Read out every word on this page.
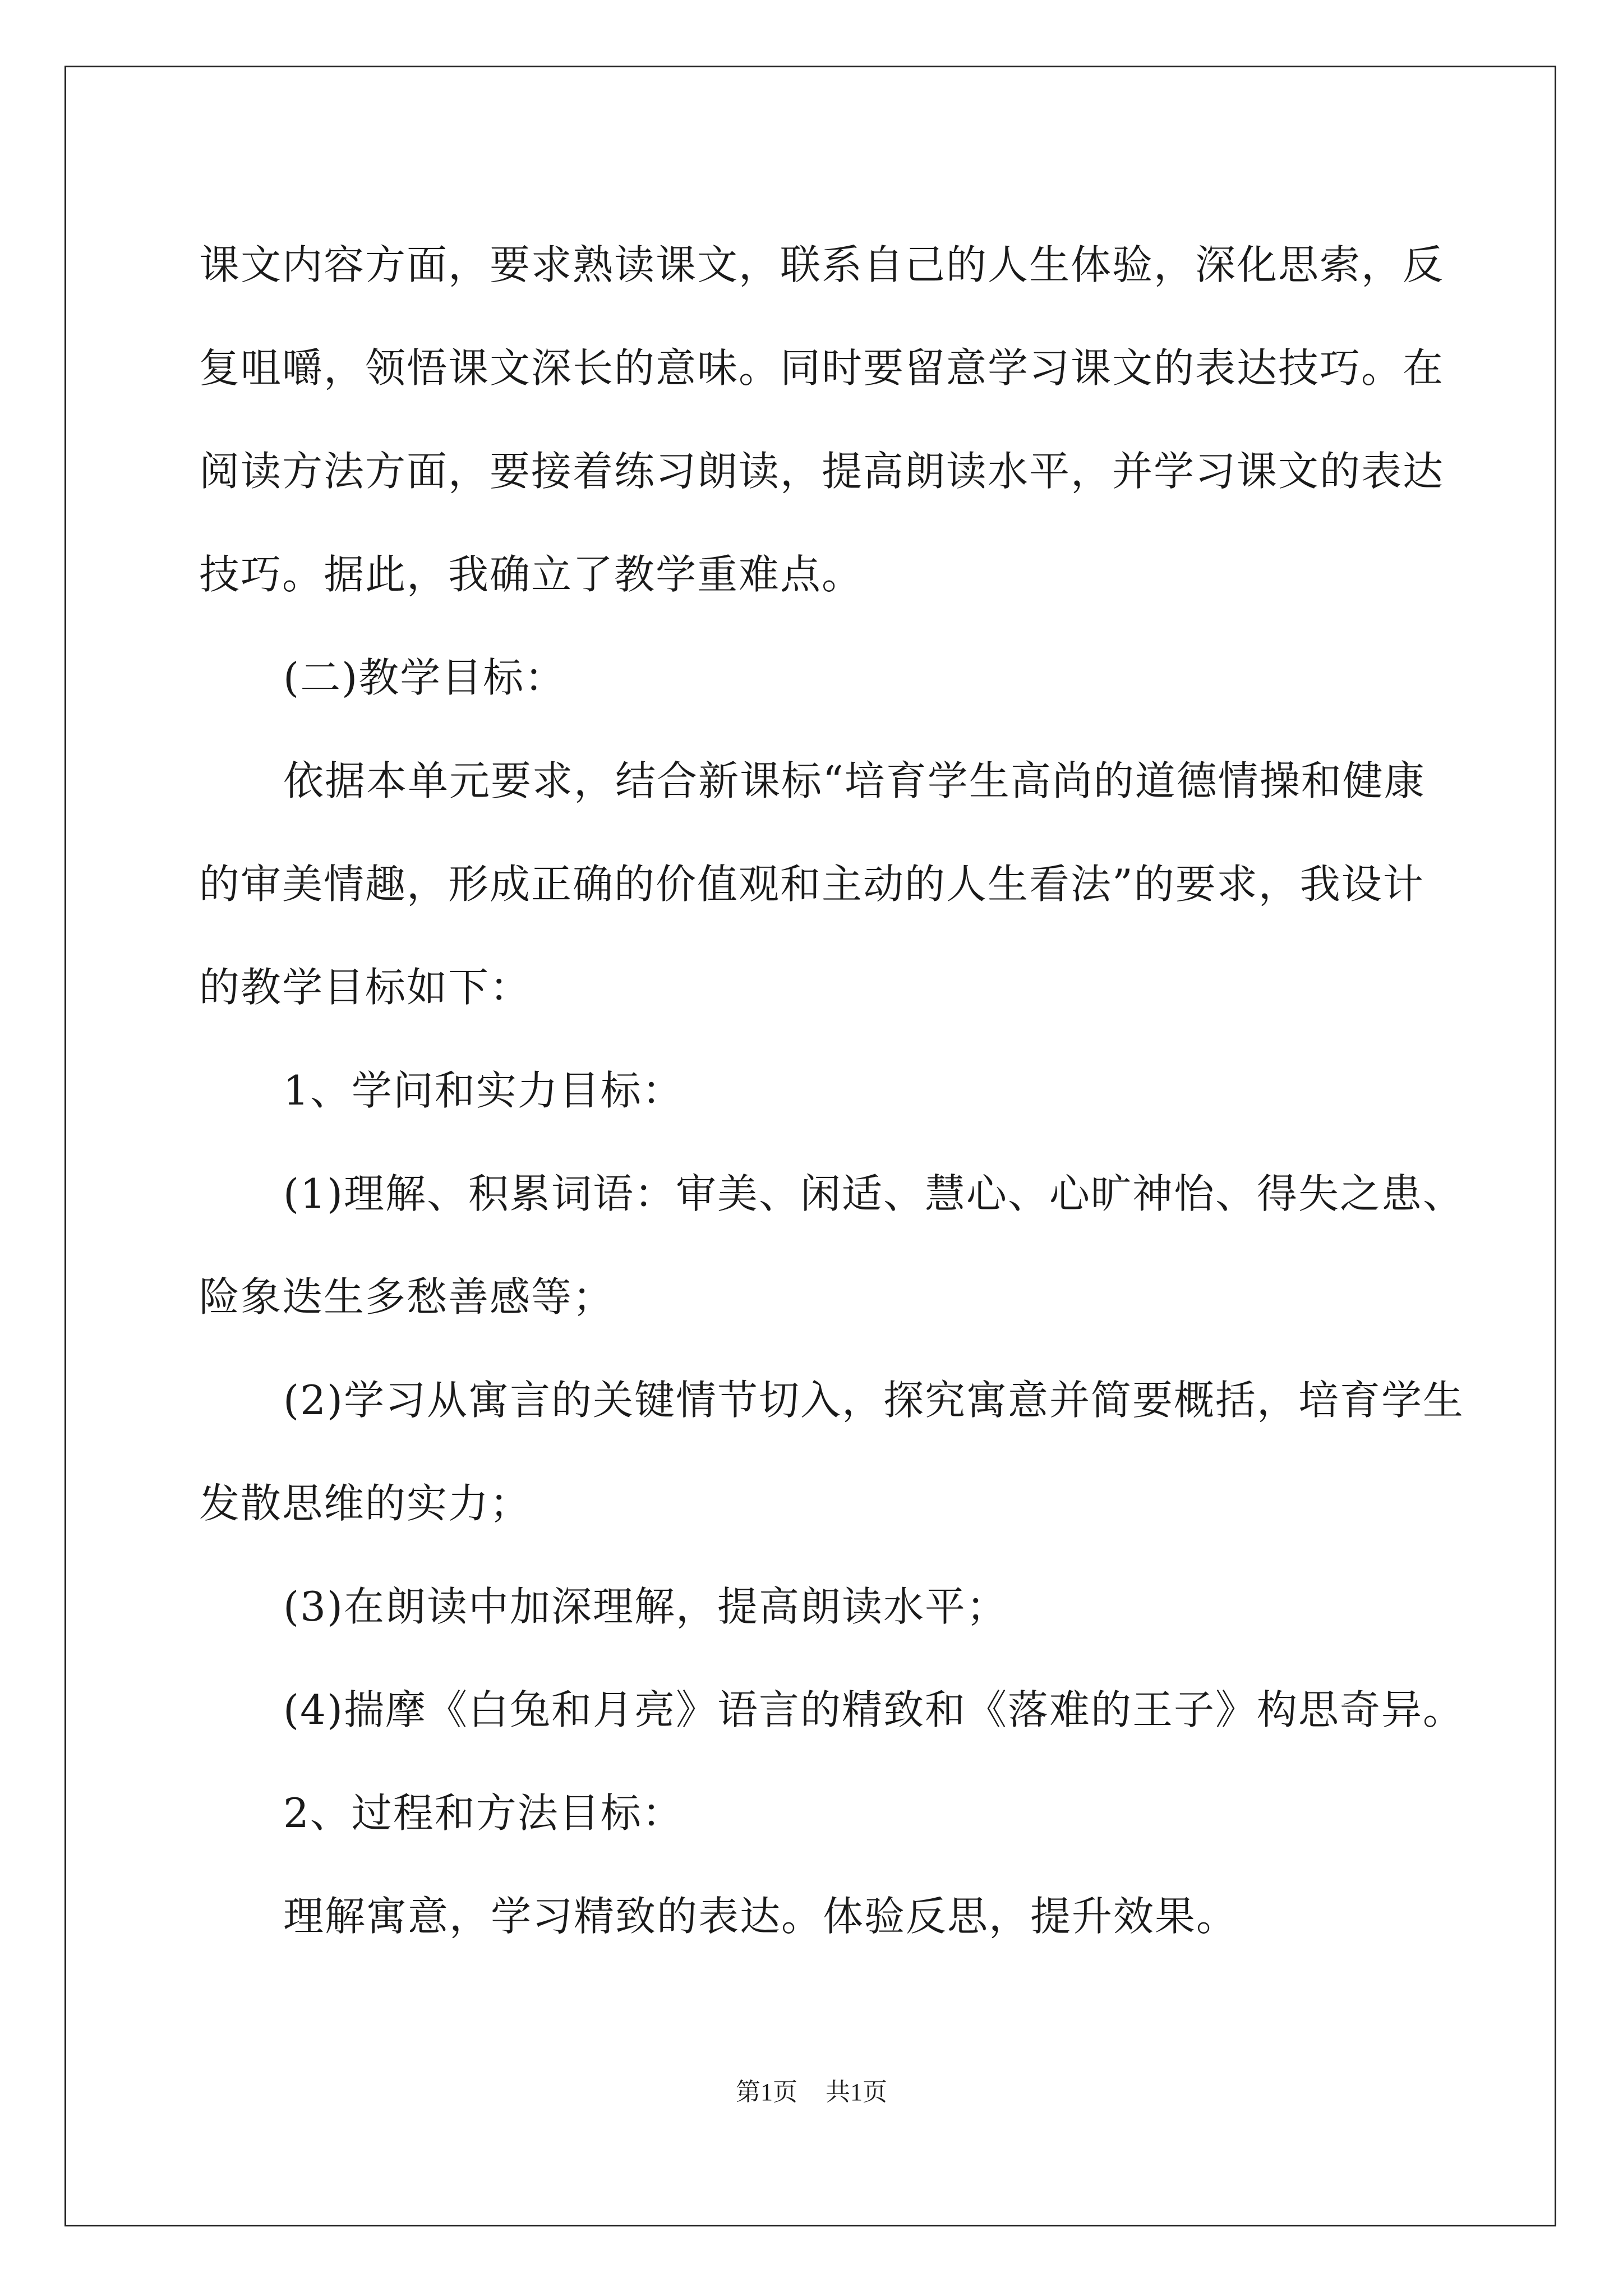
课文内容方面，要求熟读课文，联系自己的人生体验，深化思索，反
复咀嚼，领悟课文深长的意味。同时要留意学习课文的表达技巧。在
阅读方法方面，要接着练习朗读，提高朗读水平，并学习课文的表达
技巧。据此，我确立了教学重难点。
(二)教学目标：
依据本单元要求，结合新课标“培育学生高尚的道德情操和健康
的审美情趣，形成正确的价值观和主动的人生看法”的要求，我设计
的教学目标如下：
1、学问和实力目标：
(1)理解、积累词语：审美、闲适、慧心、心旷神怡、得失之患、
险象迭生多愁善感等；
(2)学习从寓言的关键情节切入，探究寓意并简要概括，培育学生
发散思维的实力；
(3)在朗读中加深理解，提高朗读水平；
(4)揣摩《白兔和月亮》语言的精致和《落难的王子》构思奇异。
2、过程和方法目标：
理解寓意，学习精致的表达。体验反思，提升效果。
第1页 共1页
